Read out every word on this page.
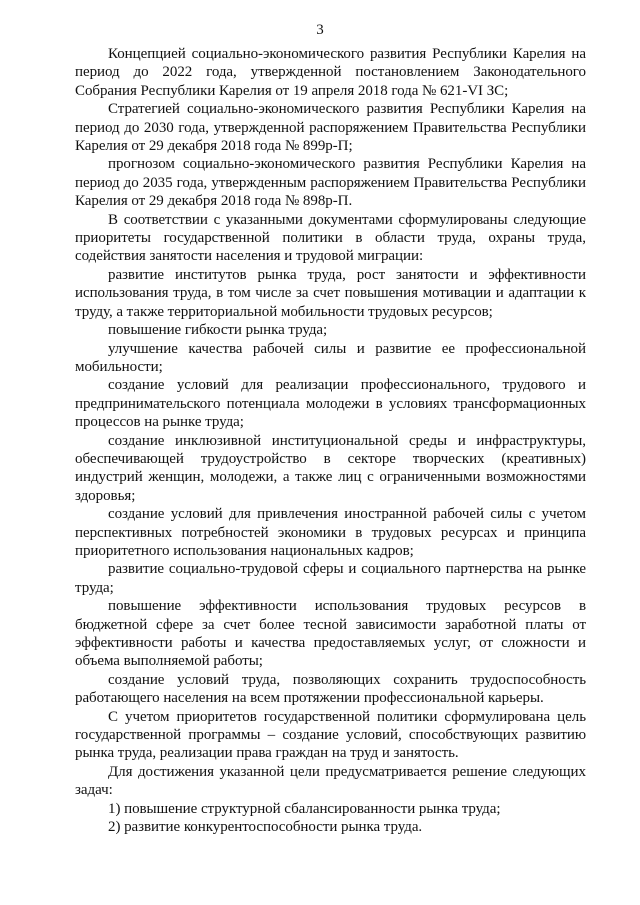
3

Концепцией социально-экономического развития Республики Карелия на период до 2022 года, утвержденной постановлением Законодательного Собрания Республики Карелия от 19 апреля 2018 года № 621-VI ЗС;

Стратегией социально-экономического развития Республики Карелия на период до 2030 года, утвержденной распоряжением Правительства Республики Карелия от 29 декабря 2018 года № 899р-П;

прогнозом социально-экономического развития Республики Карелия на период до 2035 года, утвержденным распоряжением Правительства Республики Карелия от 29 декабря 2018 года № 898р-П.

В соответствии с указанными документами сформулированы следующие приоритеты государственной политики в области труда, охраны труда, содействия занятости населения и трудовой миграции:

развитие институтов рынка труда, рост занятости и эффективности использования труда, в том числе за счет повышения мотивации и адаптации к труду, а также территориальной мобильности трудовых ресурсов;

повышение гибкости рынка труда;

улучшение качества рабочей силы и развитие ее профессиональной мобильности;

создание условий для реализации профессионального, трудового и предпринимательского потенциала молодежи в условиях трансформационных процессов на рынке труда;

создание инклюзивной институциональной среды и инфраструктуры, обеспечивающей трудоустройство в секторе творческих (креативных) индустрий женщин, молодежи, а также лиц с ограниченными возможностями здоровья;

создание условий для привлечения иностранной рабочей силы с учетом перспективных потребностей экономики в трудовых ресурсах и принципа приоритетного использования национальных кадров;

развитие социально-трудовой сферы и социального партнерства на рынке труда;

повышение эффективности использования трудовых ресурсов в бюджетной сфере за счет более тесной зависимости заработной платы от эффективности работы и качества предоставляемых услуг, от сложности и объема выполняемой работы;

создание условий труда, позволяющих сохранить трудоспособность работающего населения на всем протяжении профессиональной карьеры.

С учетом приоритетов государственной политики сформулирована цель государственной программы – создание условий, способствующих развитию рынка труда, реализации права граждан на труд и занятость.

Для достижения указанной цели предусматривается решение следующих задач:

1) повышение структурной сбалансированности рынка труда;

2) развитие конкурентоспособности рынка труда.
